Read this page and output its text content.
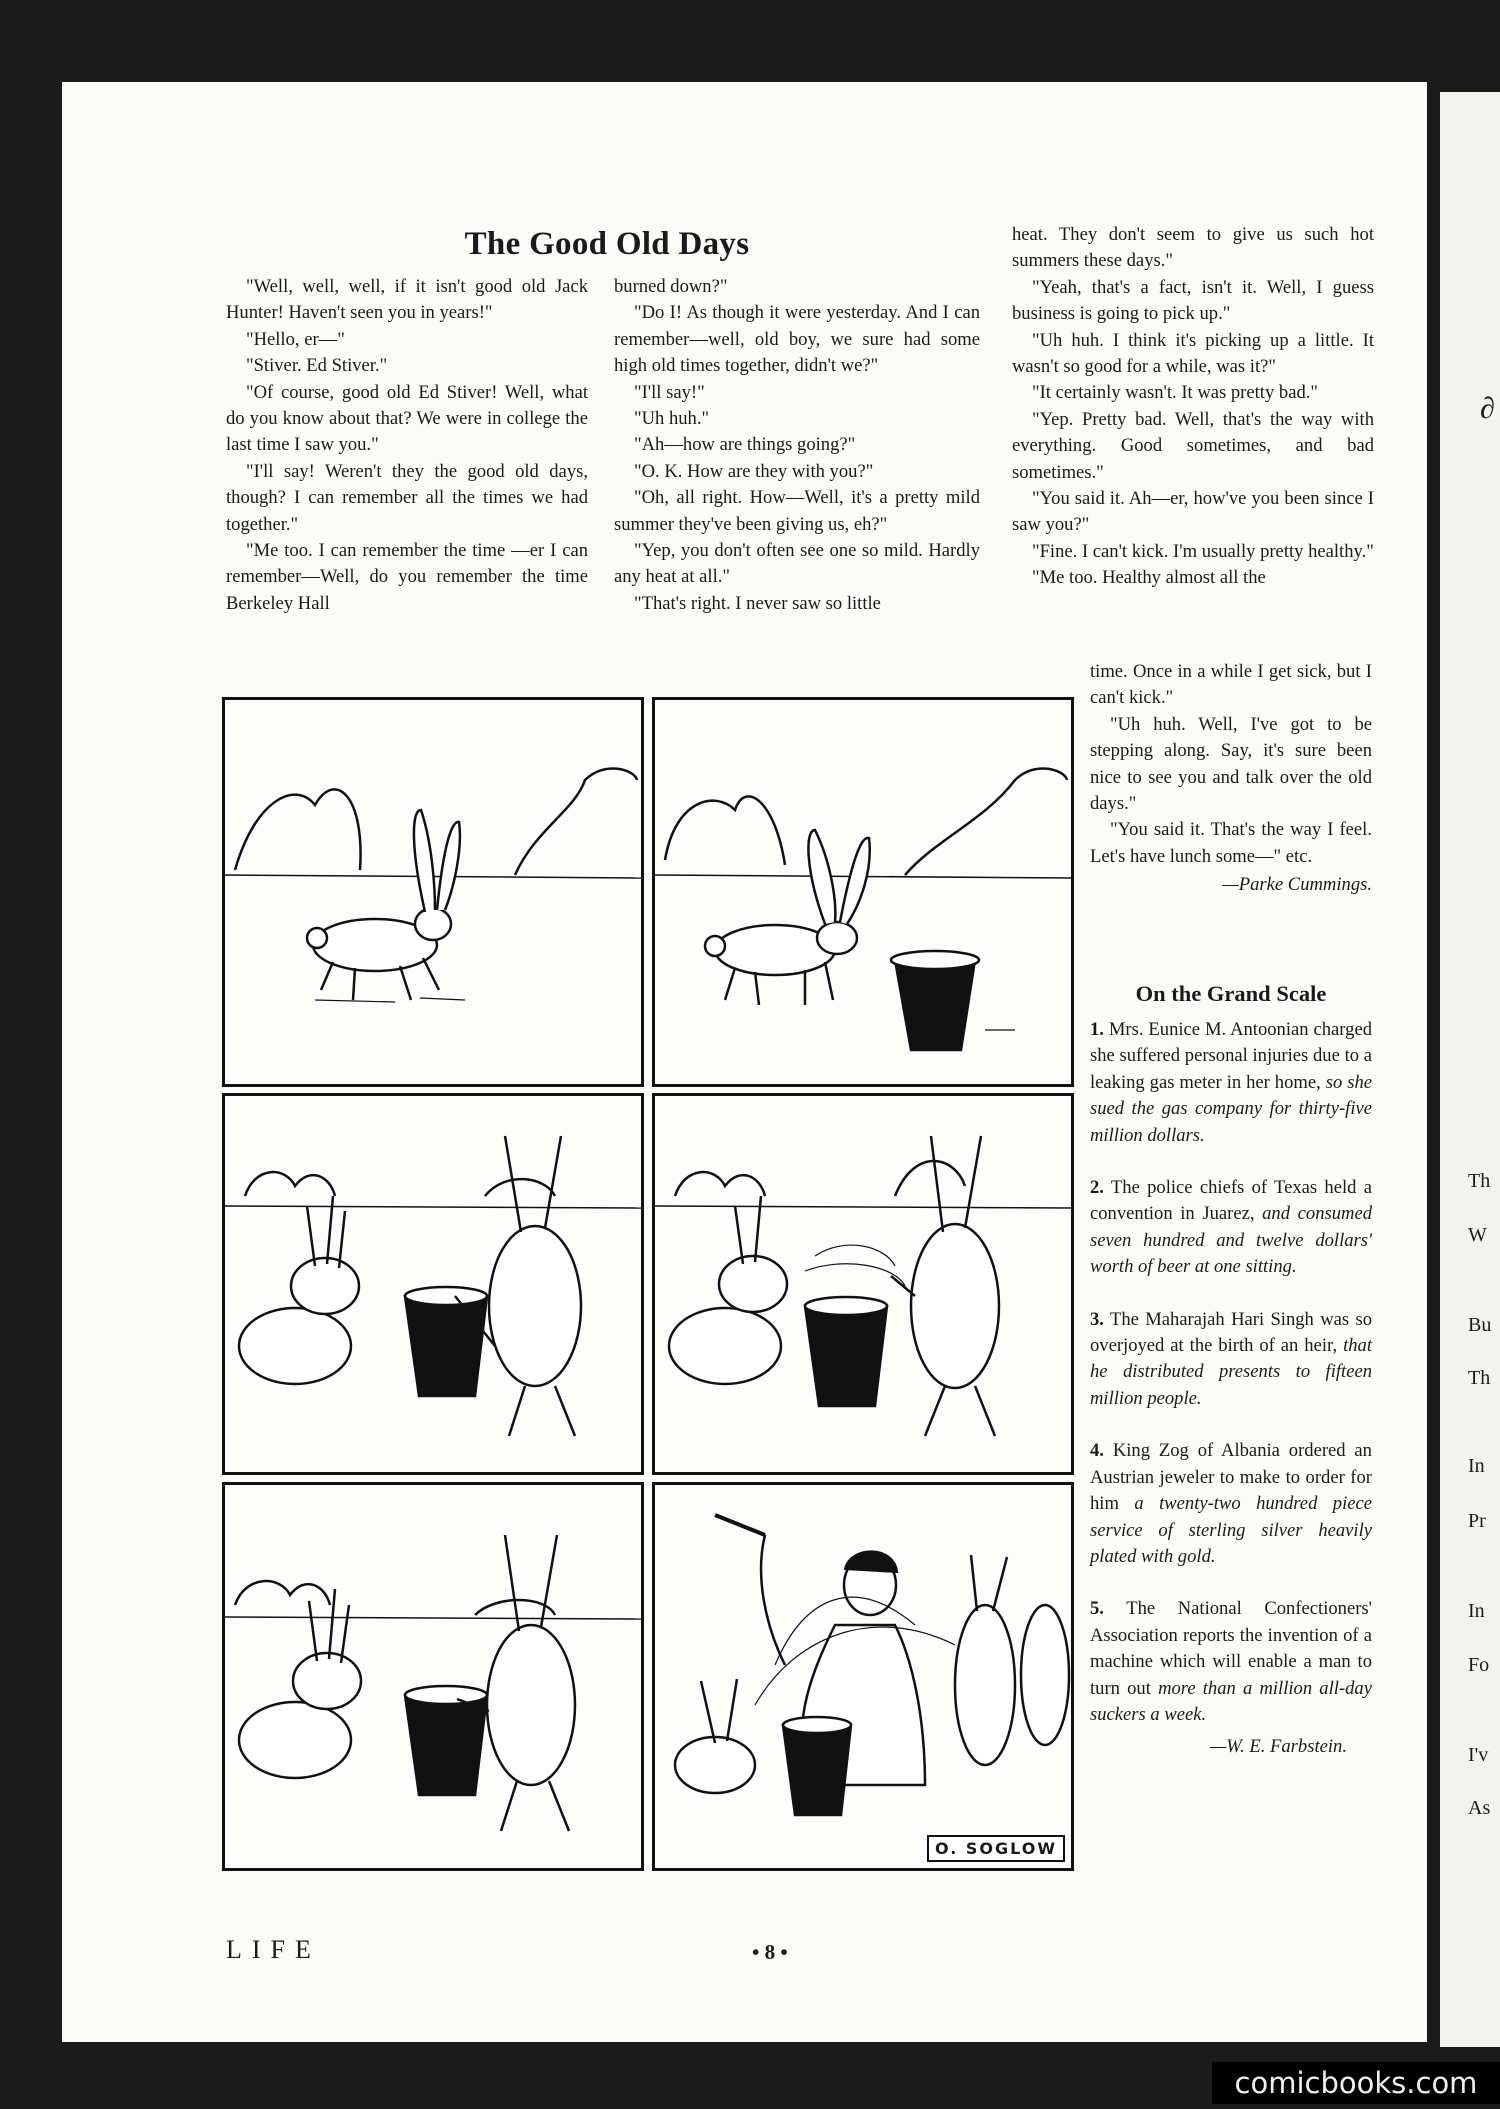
∂
Th
W
Bu
Th
In
Pr
In
Fo
I'v
As
The Good Old Days

"Well, well, well, if it isn't good old Jack Hunter! Haven't seen you in years!"

"Hello, er—"

"Stiver. Ed Stiver."

"Of course, good old Ed Stiver! Well, what do you know about that? We were in college the last time I saw you."

"I'll say! Weren't they the good old days, though? I can remember all the times we had together."

"Me too. I can remember the time —er I can remember—Well, do you remember the time Berkeley Hall

burned down?"

"Do I! As though it were yesterday. And I can remember—well, old boy, we sure had some high old times together, didn't we?"

"I'll say!"

"Uh huh."

"Ah—how are things going?"

"O. K. How are they with you?"

"Oh, all right. How—Well, it's a pretty mild summer they've been giving us, eh?"

"Yep, you don't often see one so mild. Hardly any heat at all."

"That's right. I never saw so little

heat. They don't seem to give us such hot summers these days."

"Yeah, that's a fact, isn't it. Well, I guess business is going to pick up."

"Uh huh. I think it's picking up a little. It wasn't so good for a while, was it?"

"It certainly wasn't. It was pretty bad."

"Yep. Pretty bad. Well, that's the way with everything. Good sometimes, and bad sometimes."

"You said it. Ah—er, how've you been since I saw you?"

"Fine. I can't kick. I'm usually pretty healthy."

"Me too. Healthy almost all the

time. Once in a while I get sick, but I can't kick."

"Uh huh. Well, I've got to be stepping along. Say, it's sure been nice to see you and talk over the old days."

"You said it. That's the way I feel. Let's have lunch some—" etc.

—Parke Cummings.

On the Grand Scale

1. Mrs. Eunice M. Antoonian charged she suffered personal injuries due to a leaking gas meter in her home, so she sued the gas company for thirty-five million dollars.

2. The police chiefs of Texas held a convention in Juarez, and consumed seven hundred and twelve dollars' worth of beer at one sitting.

3. The Maharajah Hari Singh was so overjoyed at the birth of an heir, that he distributed presents to fifteen million people.

4. King Zog of Albania ordered an Austrian jeweler to make to order for him a twenty-two hundred piece service of sterling silver heavily plated with gold.

5. The National Confectioners' Association reports the invention of a machine which will enable a man to turn out more than a million all-day suckers a week.

—W. E. Farbstein.

O. SOGLOW
LIFE	• 8 •
comicbooks.com
